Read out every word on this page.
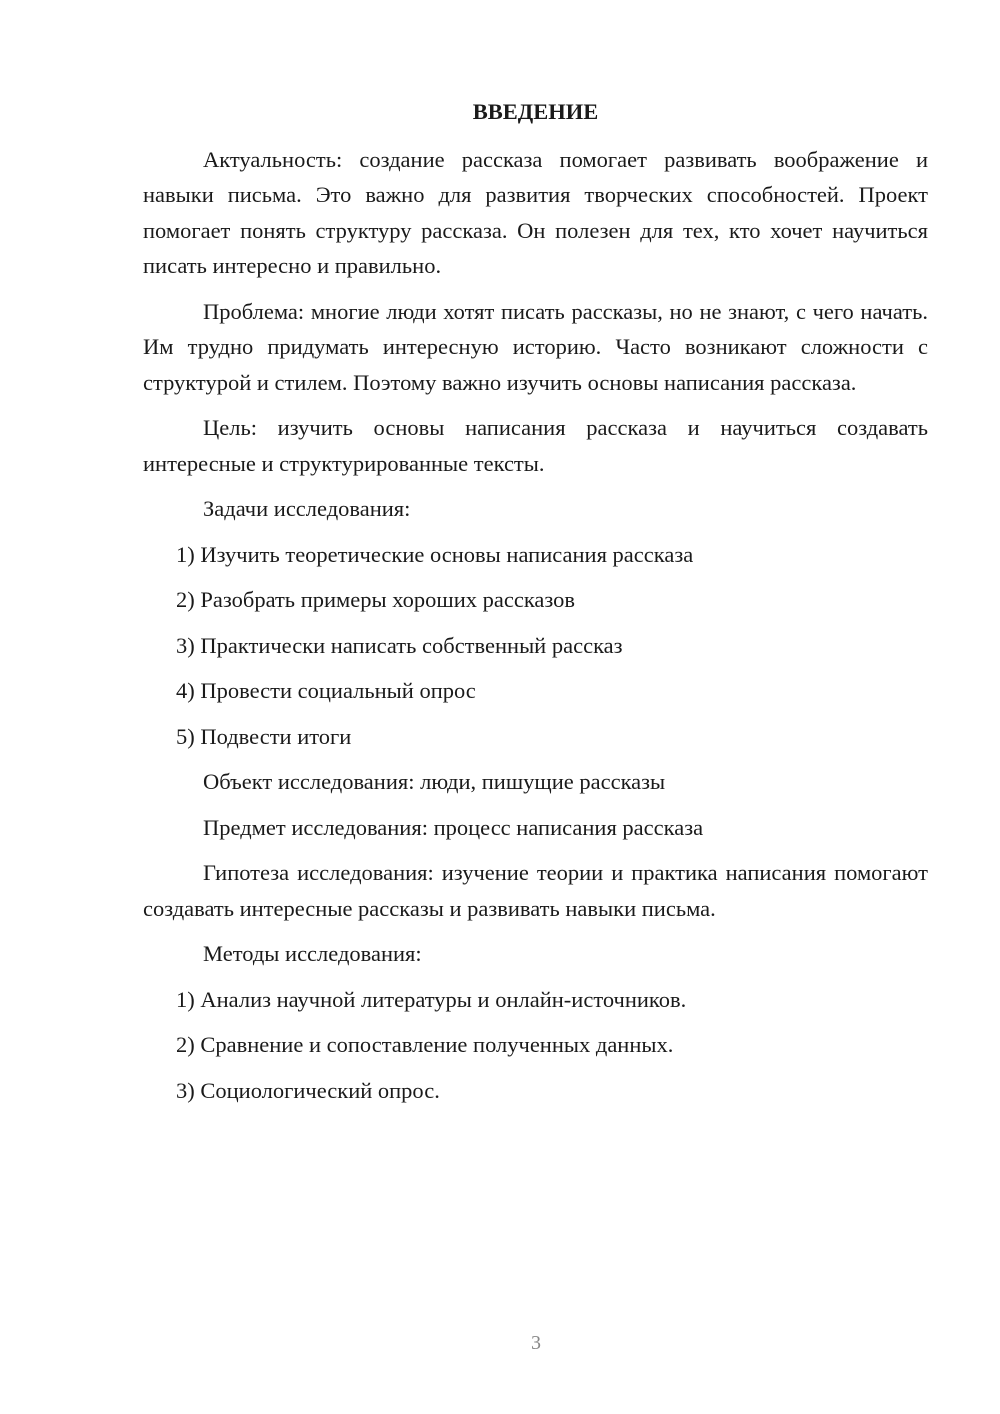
ВВЕДЕНИЕ

Актуальность: создание рассказа помогает развивать воображение и навыки письма. Это важно для развития творческих способностей. Проект помогает понять структуру рассказа. Он полезен для тех, кто хочет научиться писать интересно и правильно.

Проблема: многие люди хотят писать рассказы, но не знают, с чего начать. Им трудно придумать интересную историю. Часто возникают сложности с структурой и стилем. Поэтому важно изучить основы написания рассказа.

Цель: изучить основы написания рассказа и научиться создавать интересные и структурированные тексты.

Задачи исследования:

1) Изучить теоретические основы написания рассказа

2) Разобрать примеры хороших рассказов

3) Практически написать собственный рассказ

4) Провести социальный опрос

5) Подвести итоги

Объект исследования: люди, пишущие рассказы

Предмет исследования: процесс написания рассказа

Гипотеза исследования: изучение теории и практика написания помогают создавать интересные рассказы и развивать навыки письма.

Методы исследования:

1) Анализ научной литературы и онлайн-источников.

2) Сравнение и сопоставление полученных данных.

3) Социологический опрос.

3
